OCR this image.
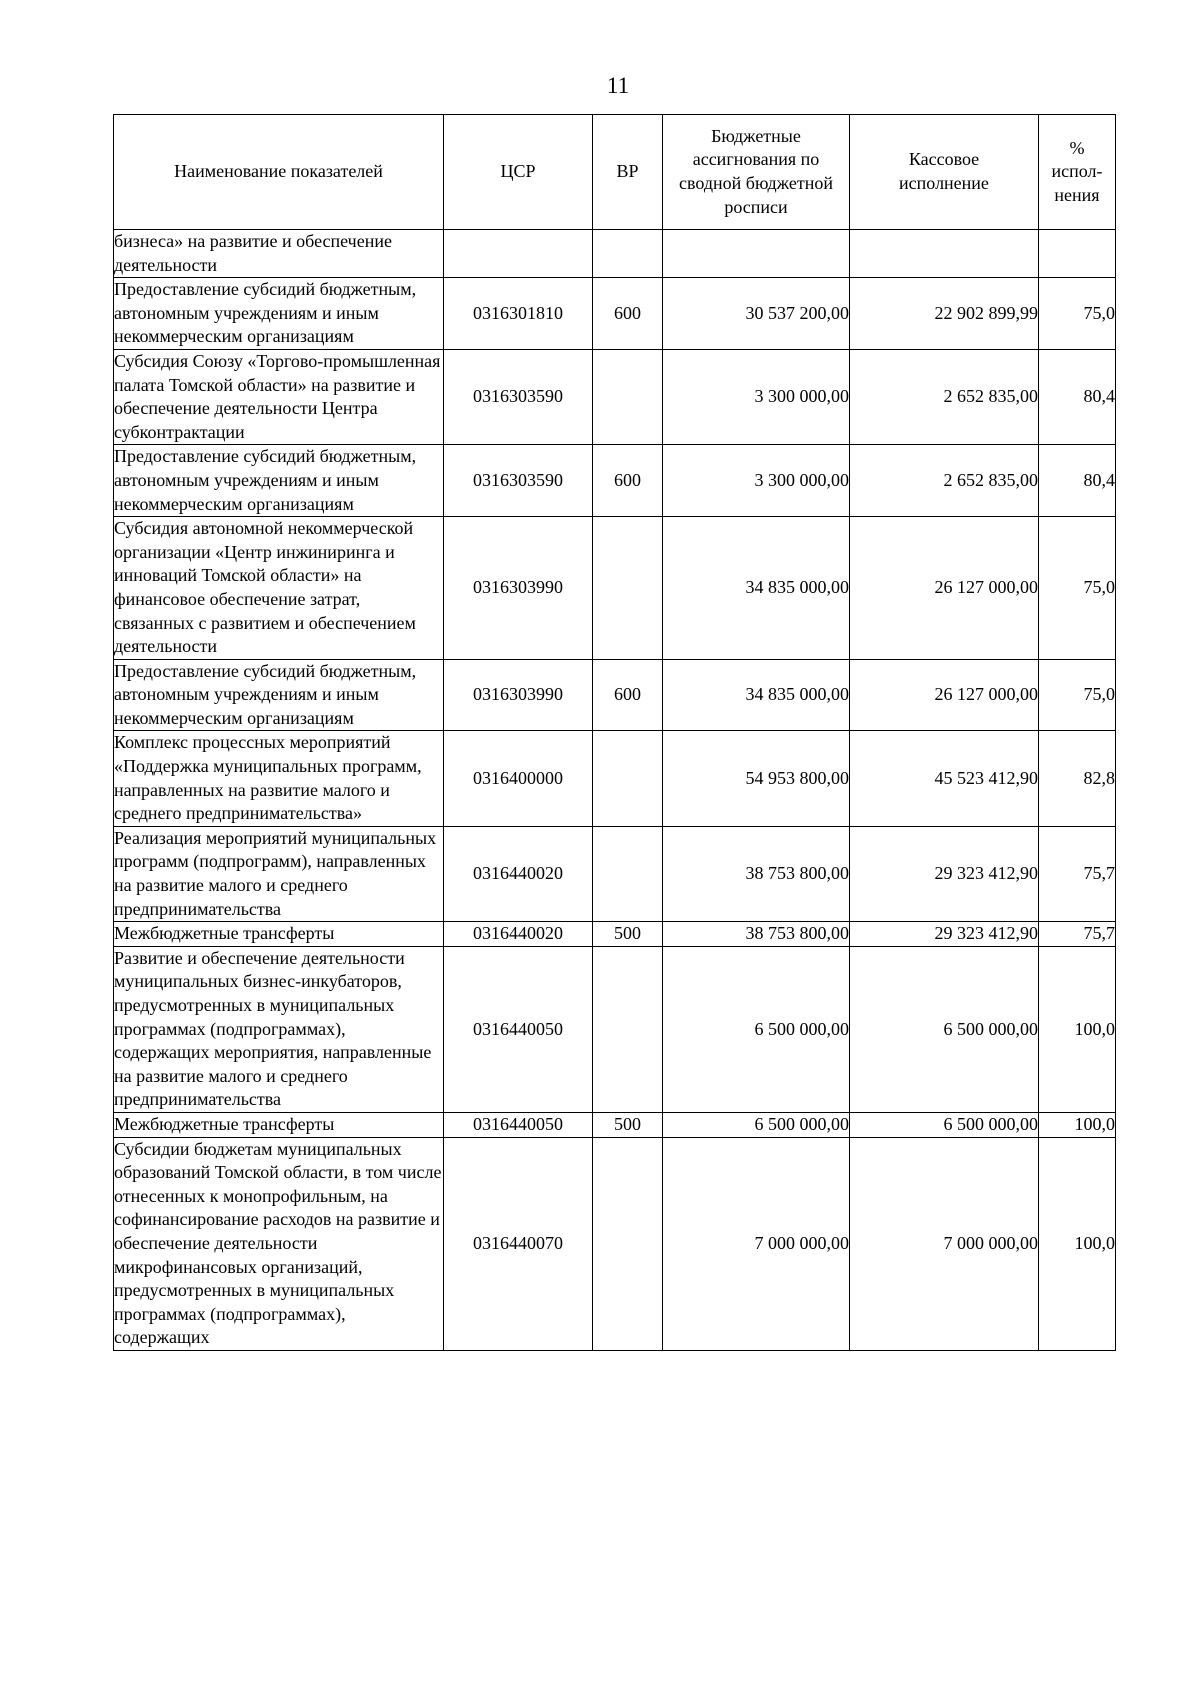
11
Наименование показателей	ЦСР	ВР	Бюджетные ассигнования по сводной бюджетной росписи	Кассовое исполнение	% испол-нения
бизнеса» на развитие и обеспечение деятельности					
Предоставление субсидий бюджетным, автономным учреждениям и иным некоммерческим организациям	0316301810	600	30 537 200,00	22 902 899,99	75,0
Субсидия Союзу «Торгово-промышленная палата Томской области» на развитие и обеспечение деятельности Центра субконтрактации	0316303590		3 300 000,00	2 652 835,00	80,4
Предоставление субсидий бюджетным, автономным учреждениям и иным некоммерческим организациям	0316303590	600	3 300 000,00	2 652 835,00	80,4
Субсидия автономной некоммерческой организации «Центр инжиниринга и инноваций Томской области» на финансовое обеспечение затрат, связанных с развитием и обеспечением деятельности	0316303990		34 835 000,00	26 127 000,00	75,0
Предоставление субсидий бюджетным, автономным учреждениям и иным некоммерческим организациям	0316303990	600	34 835 000,00	26 127 000,00	75,0
Комплекс процессных мероприятий «Поддержка муниципальных программ, направленных на развитие малого и среднего предпринимательства»	0316400000		54 953 800,00	45 523 412,90	82,8
Реализация мероприятий муниципальных программ (подпрограмм), направленных на развитие малого и среднего предпринимательства	0316440020		38 753 800,00	29 323 412,90	75,7
Межбюджетные трансферты	0316440020	500	38 753 800,00	29 323 412,90	75,7
Развитие и обеспечение деятельности муниципальных бизнес-инкубаторов, предусмотренных в муниципальных программах (подпрограммах), содержащих мероприятия, направленные на развитие малого и среднего предпринимательства	0316440050		6 500 000,00	6 500 000,00	100,0
Межбюджетные трансферты	0316440050	500	6 500 000,00	6 500 000,00	100,0
Субсидии бюджетам муниципальных образований Томской области, в том числе отнесенных к монопрофильным, на софинансирование расходов на развитие и обеспечение деятельности микрофинансовых организаций, предусмотренных в муниципальных программах (подпрограммах), содержащих	0316440070		7 000 000,00	7 000 000,00	100,0
